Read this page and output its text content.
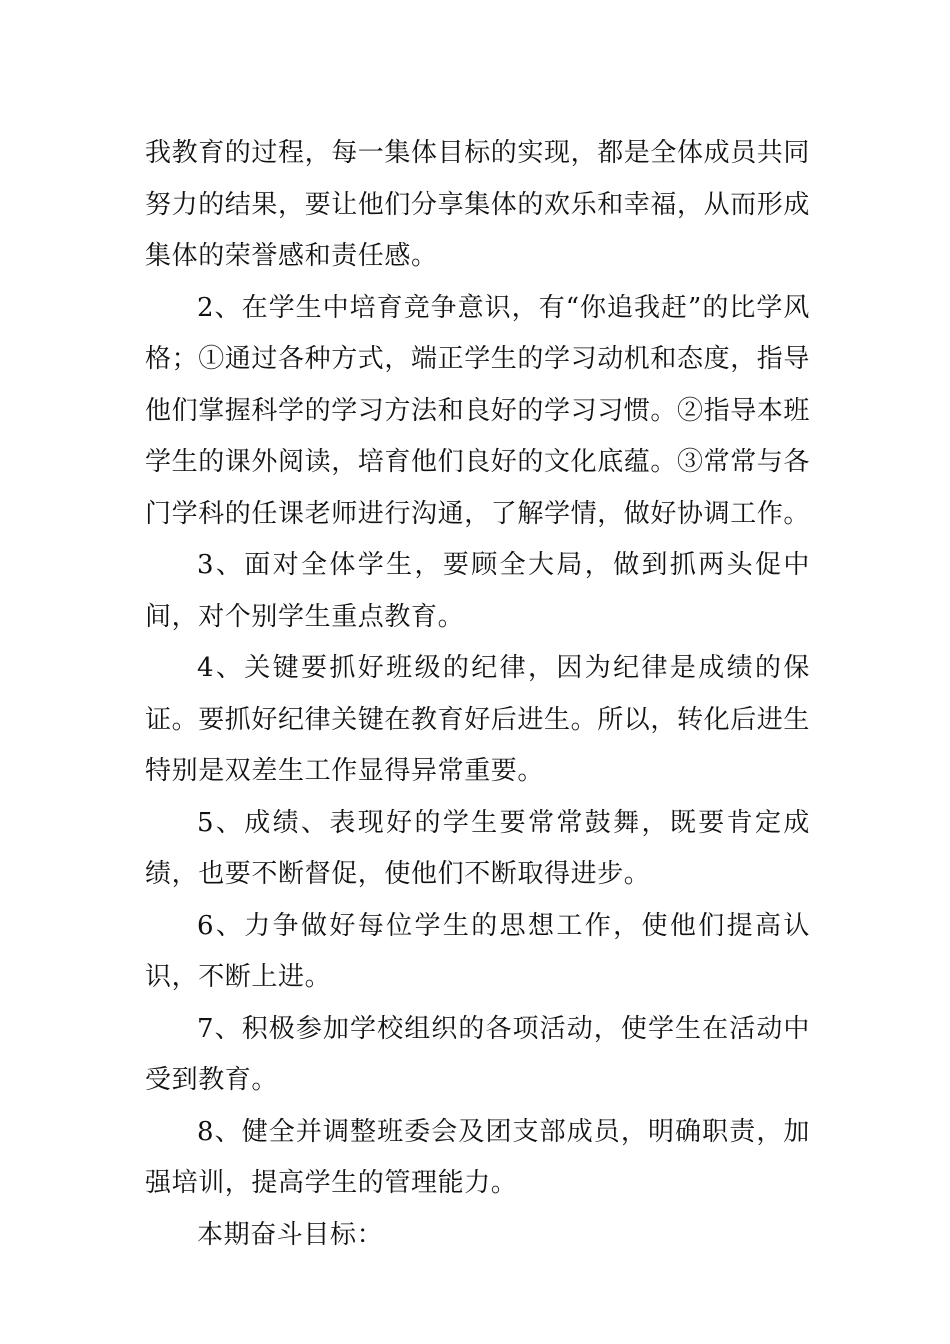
我教育的过程，每一集体目标的实现，都是全体成员共同努力的结果，要让他们分享集体的欢乐和幸福，从而形成集体的荣誉感和责任感。

2、在学生中培育竞争意识，有“你追我赶”的比学风格；①通过各种方式，端正学生的学习动机和态度，指导他们掌握科学的学习方法和良好的学习习惯。②指导本班学生的课外阅读，培育他们良好的文化底蕴。③常常与各门学科的任课老师进行沟通，了解学情，做好协调工作。

3、面对全体学生，要顾全大局，做到抓两头促中间，对个别学生重点教育。

4、关键要抓好班级的纪律，因为纪律是成绩的保证。要抓好纪律关键在教育好后进生。所以，转化后进生特别是双差生工作显得异常重要。

5、成绩、表现好的学生要常常鼓舞，既要肯定成绩，也要不断督促，使他们不断取得进步。

6、力争做好每位学生的思想工作，使他们提高认识，不断上进。

7、积极参加学校组织的各项活动，使学生在活动中受到教育。

8、健全并调整班委会及团支部成员，明确职责，加强培训，提高学生的管理能力。

本期奋斗目标：
